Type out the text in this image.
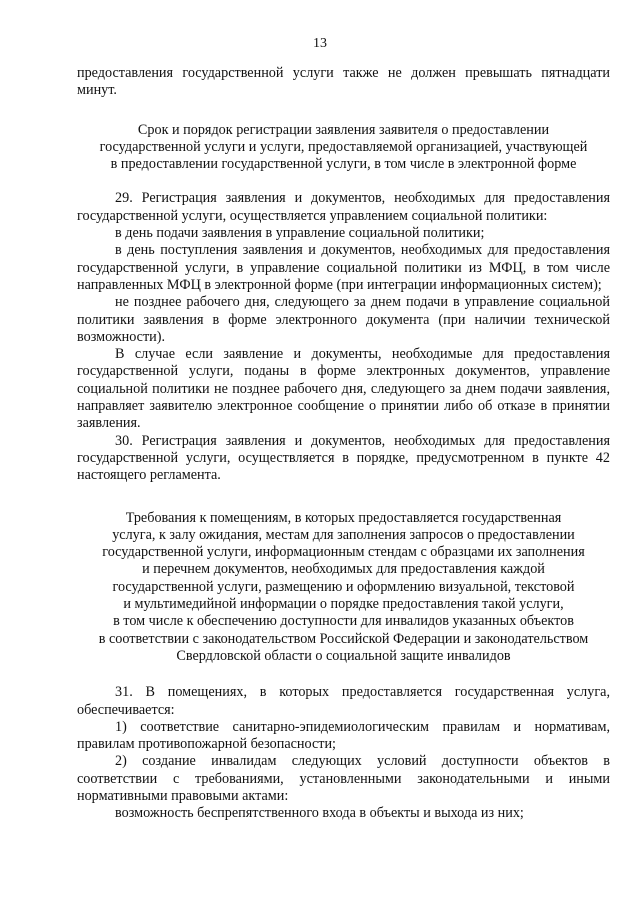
13

предоставления государственной услуги также не должен превышать пятнадцати минут.

Срок и порядок регистрации заявления заявителя о предоставлении

государственной услуги и услуги, предоставляемой организацией, участвующей

в предоставлении государственной услуги, в том числе в электронной форме

29. Регистрация заявления и документов, необходимых для предоставления государственной услуги, осуществляется управлением социальной политики:

в день подачи заявления в управление социальной политики;

в день поступления заявления и документов, необходимых для предоставления государственной услуги, в управление социальной политики из МФЦ, в том числе направленных МФЦ в электронной форме (при интеграции информационных систем);

не позднее рабочего дня, следующего за днем подачи в управление социальной политики заявления в форме электронного документа (при наличии технической возможности).

В случае если заявление и документы, необходимые для предоставления государственной услуги, поданы в форме электронных документов, управление социальной политики не позднее рабочего дня, следующего за днем подачи заявления, направляет заявителю электронное сообщение о принятии либо об отказе в принятии заявления.

30. Регистрация заявления и документов, необходимых для предоставления государственной услуги, осуществляется в порядке, предусмотренном в пункте 42 настоящего регламента.

Требования к помещениям, в которых предоставляется государственная

услуга, к залу ожидания, местам для заполнения запросов о предоставлении

государственной услуги, информационным стендам с образцами их заполнения

и перечнем документов, необходимых для предоставления каждой

государственной услуги, размещению и оформлению визуальной, текстовой

и мультимедийной информации о порядке предоставления такой услуги,

в том числе к обеспечению доступности для инвалидов указанных объектов

в соответствии с законодательством Российской Федерации и законодательством

Свердловской области о социальной защите инвалидов

31. В помещениях, в которых предоставляется государственная услуга, обеспечивается:

1) соответствие санитарно-эпидемиологическим правилам и нормативам, правилам противопожарной безопасности;

2) создание инвалидам следующих условий доступности объектов в соответствии с требованиями, установленными законодательными и иными нормативными правовыми актами:

возможность беспрепятственного входа в объекты и выхода из них;
